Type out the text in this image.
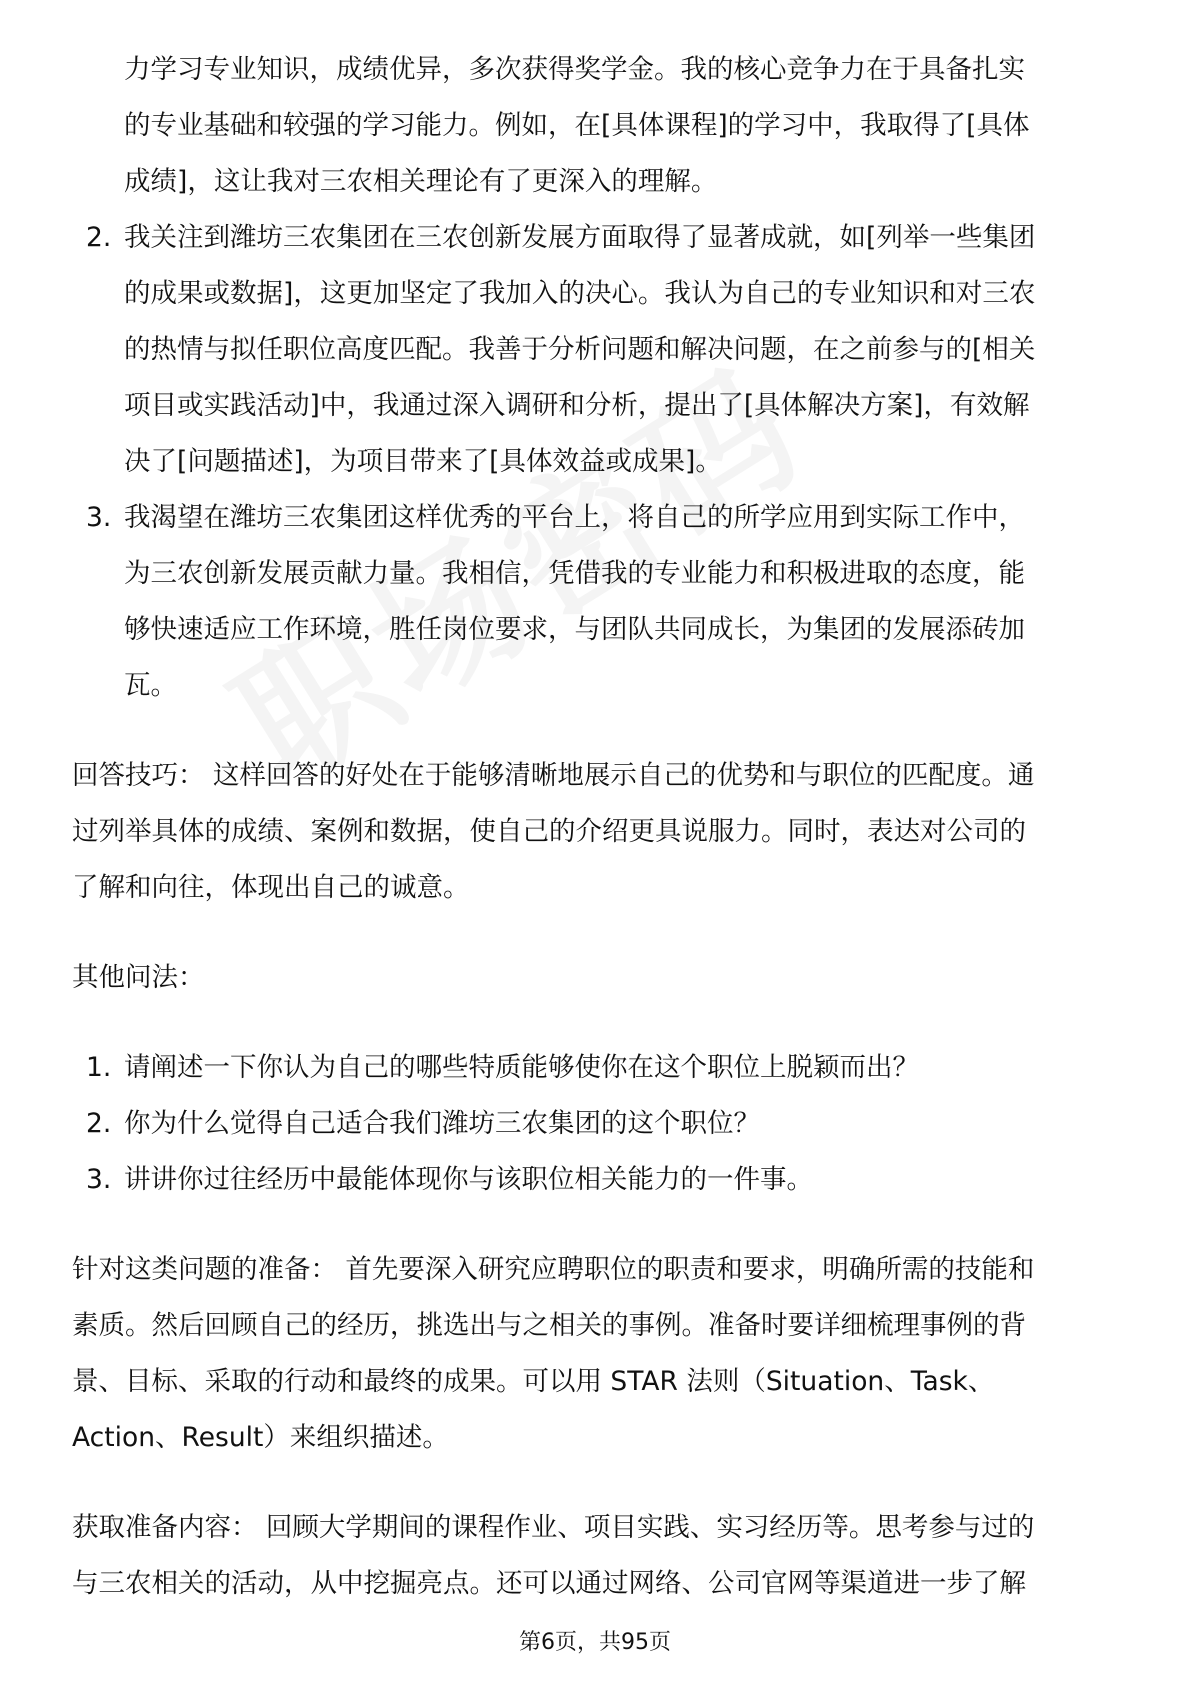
力学习专业知识，成绩优异，多次获得奖学金。我的核心竞争力在于具备扎实
的专业基础和较强的学习能力。例如，在[具体课程]的学习中，我取得了[具体
成绩]，这让我对三农相关理论有了更深入的理解。
2. 我关注到潍坊三农集团在三农创新发展方面取得了显著成就，如[列举一些集团
的成果或数据]，这更加坚定了我加入的决心。我认为自己的专业知识和对三农
的热情与拟任职位高度匹配。我善于分析问题和解决问题，在之前参与的[相关
项目或实践活动]中，我通过深入调研和分析，提出了[具体解决方案]，有效解
决了[问题描述]，为项目带来了[具体效益或成果]。
3. 我渴望在潍坊三农集团这样优秀的平台上，将自己的所学应用到实际工作中，
为三农创新发展贡献力量。我相信，凭借我的专业能力和积极进取的态度，能
够快速适应工作环境，胜任岗位要求，与团队共同成长，为集团的发展添砖加
瓦。
回答技巧： 这样回答的好处在于能够清晰地展示自己的优势和与职位的匹配度。通
过列举具体的成绩、案例和数据，使自己的介绍更具说服力。同时，表达对公司的
了解和向往，体现出自己的诚意。
其他问法：
1. 请阐述一下你认为自己的哪些特质能够使你在这个职位上脱颖而出？
2. 你为什么觉得自己适合我们潍坊三农集团的这个职位？
3. 讲讲你过往经历中最能体现你与该职位相关能力的一件事。
针对这类问题的准备： 首先要深入研究应聘职位的职责和要求，明确所需的技能和
素质。然后回顾自己的经历，挑选出与之相关的事例。准备时要详细梳理事例的背
景、目标、采取的行动和最终的成果。可以用 STAR 法则（Situation、Task、
Action、Result）来组织描述。
获取准备内容： 回顾大学期间的课程作业、项目实践、实习经历等。思考参与过的
与三农相关的活动，从中挖掘亮点。还可以通过网络、公司官网等渠道进一步了解
第6页，共95页
